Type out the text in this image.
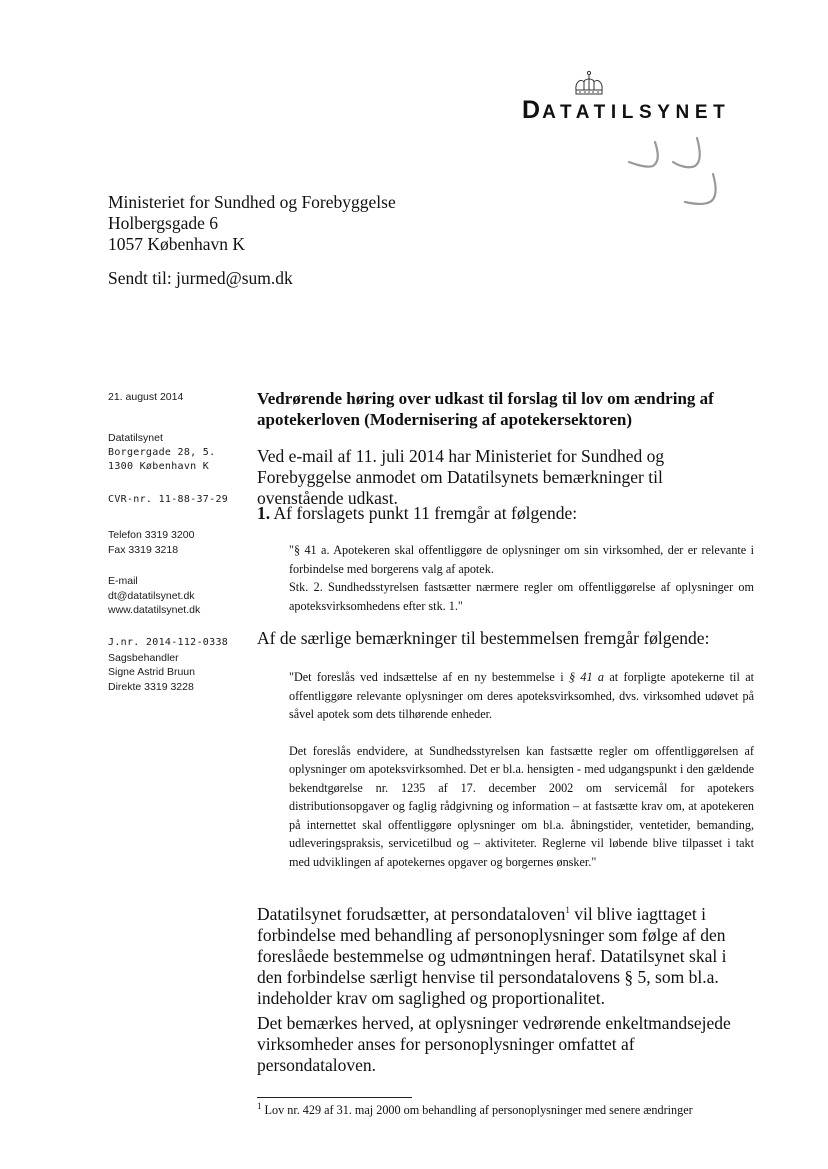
DATATILSYNET
Ministeriet for Sundhed og Forebyggelse
Holbergsgade 6
1057 København K
Sendt til: jurmed@sum.dk
21. august 2014
Datatilsynet
Borgergade 28, 5.
1300 København K
CVR-nr. 11-88-37-29
Telefon 3319 3200
Fax 3319 3218
E-mail
dt@datatilsynet.dk
www.datatilsynet.dk
J.nr. 2014-112-0338
Sagsbehandler
Signe Astrid Bruun
Direkte 3319 3228
Vedrørende høring over udkast til forslag til lov om ændring af apotekerloven (Modernisering af apotekersektoren)
Ved e-mail af 11. juli 2014 har Ministeriet for Sundhed og Forebyggelse anmodet om Datatilsynets bemærkninger til ovenstående udkast.
1. Af forslagets punkt 11 fremgår at følgende:

"§ 41 a. Apotekeren skal offentliggøre de oplysninger om sin virksomhed, der er relevante i forbindelse med borgerens valg af apotek.

Stk. 2. Sundhedsstyrelsen fastsætter nærmere regler om offentliggørelse af oplysninger om apoteksvirksomhedens efter stk. 1."

Af de særlige bemærkninger til bestemmelsen fremgår følgende:

"Det foreslås ved indsættelse af en ny bestemmelse i § 41 a at forpligte apotekerne til at offentliggøre relevante oplysninger om deres apoteksvirksomhed, dvs. virksomhed udøvet på såvel apotek som dets tilhørende enheder.

Det foreslås endvidere, at Sundhedsstyrelsen kan fastsætte regler om offentliggørelsen af oplysninger om apoteksvirksomhed. Det er bl.a. hensigten - med udgangspunkt i den gældende bekendtgørelse nr. 1235 af 17. december 2002 om servicemål for apotekers distributionsopgaver og faglig rådgivning og information – at fastsætte krav om, at apotekeren på internettet skal offentliggøre oplysninger om bl.a. åbningstider, ventetider, bemanding, udleveringspraksis, servicetilbud og – aktiviteter. Reglerne vil løbende blive tilpasset i takt med udviklingen af apotekernes opgaver og borgernes ønsker."

Datatilsynet forudsætter, at persondataloven$^1$ vil blive iagttaget i forbindelse med behandling af personoplysninger som følge af den foreslåede bestemmelse og udmøntningen heraf. Datatilsynet skal i den forbindelse særligt henvise til persondatalovens § 5, som bl.a. indeholder krav om saglighed og proportionalitet.
Det bemærkes herved, at oplysninger vedrørende enkeltmandsejede virksomheder anses for personoplysninger omfattet af persondataloven.
$^1$ Lov nr. 429 af 31. maj 2000 om behandling af personoplysninger med senere ændringer
